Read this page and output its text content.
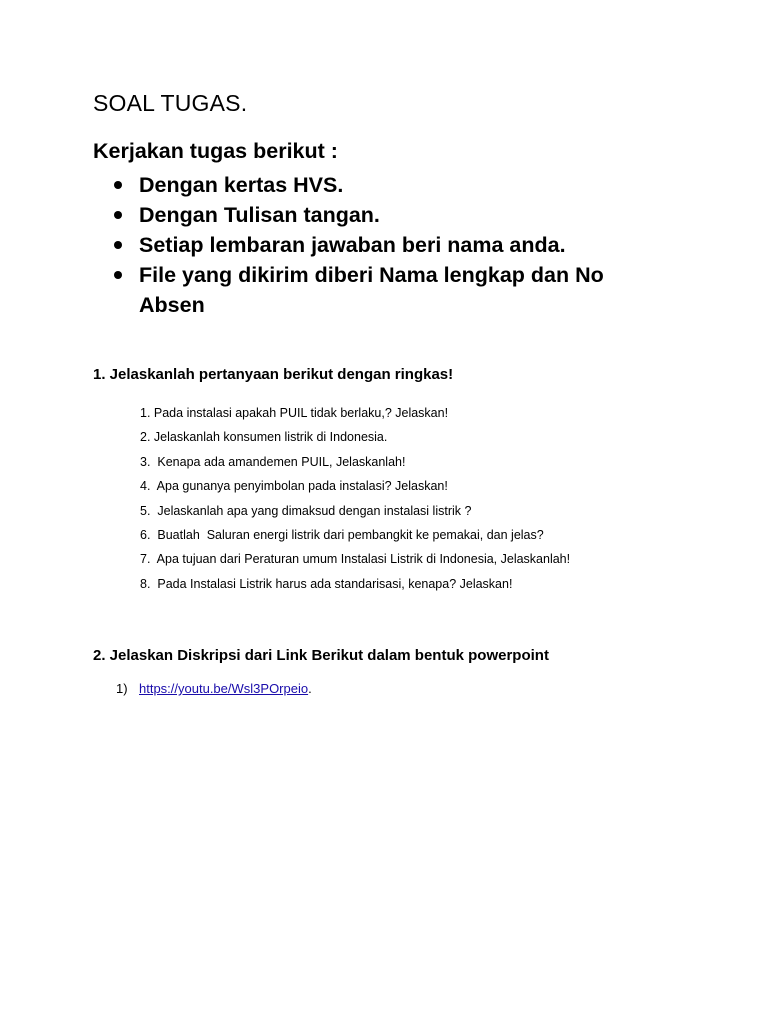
SOAL TUGAS.
Kerjakan tugas berikut :
Dengan kertas HVS.
Dengan Tulisan tangan.
Setiap lembaran jawaban beri nama anda.
File yang dikirim diberi Nama lengkap dan No Absen
1. Jelaskanlah pertanyaan berikut dengan ringkas!
1. Pada instalasi apakah PUIL tidak berlaku,? Jelaskan!
2. Jelaskanlah konsumen listrik di Indonesia.
3.  Kenapa ada amandemen PUIL, Jelaskanlah!
4.  Apa gunanya penyimbolan pada instalasi? Jelaskan!
5.  Jelaskanlah apa yang dimaksud dengan instalasi listrik ?
6.  Buatlah  Saluran energi listrik dari pembangkit ke pemakai, dan jelas?
7.  Apa tujuan dari Peraturan umum Instalasi Listrik di Indonesia, Jelaskanlah!
8.  Pada Instalasi Listrik harus ada standarisasi, kenapa? Jelaskan!
2. Jelaskan Diskripsi dari Link Berikut dalam bentuk powerpoint
1) https://youtu.be/Wsl3POrpeio.
